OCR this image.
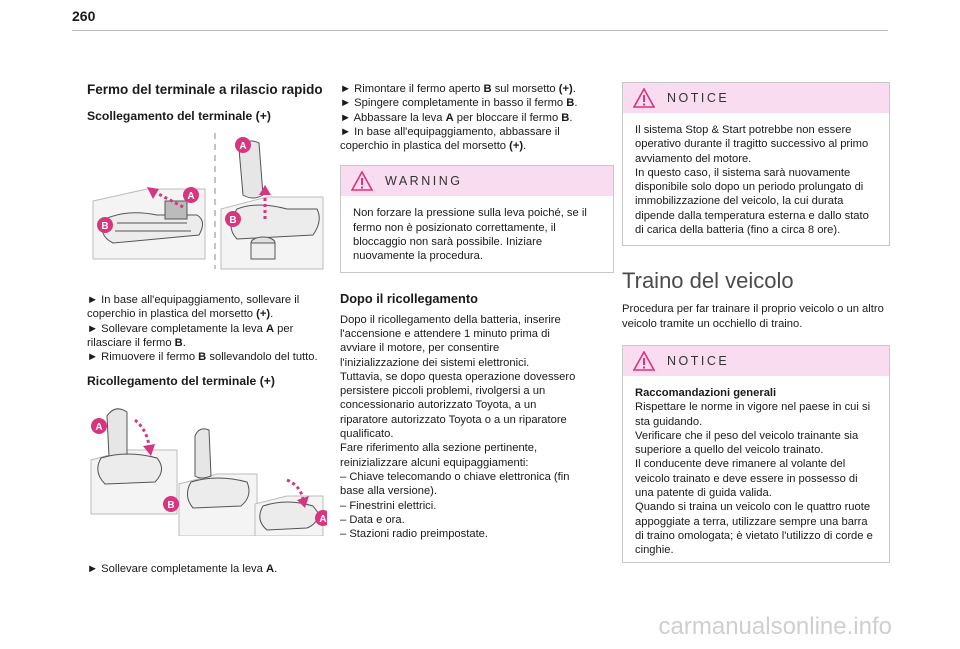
260
Fermo del terminale a rilascio rapido
Scollegamento del terminale (+)
A
B
A
B

► In base all'equipaggiamento, sollevare il coperchio in plastica del morsetto (+).

► Sollevare completamente la leva A per rilasciare il fermo B.

► Rimuovere il fermo B sollevandolo del tutto.

Ricollegamento del terminale (+)
A
B
A

► Sollevare completamente la leva A.

► Rimontare il fermo aperto B sul morsetto (+).

► Spingere completamente in basso il fermo B.

► Abbassare la leva A per bloccare il fermo B.

► In base all'equipaggiamento, abbassare il coperchio in plastica del morsetto (+).

WARNING

Non forzare la pressione sulla leva poiché, se il fermo non è posizionato correttamente, il bloccaggio non sarà possibile. Iniziare nuovamente la procedura.

Dopo il ricollegamento

Dopo il ricollegamento della batteria, inserire l'accensione e attendere 1 minuto prima di avviare il motore, per consentire l'inizializzazione dei sistemi elettronici.

Tuttavia, se dopo questa operazione dovessero persistere piccoli problemi, rivolgersi a un concessionario autorizzato Toyota, a un riparatore autorizzato Toyota o a un riparatore qualificato.

Fare riferimento alla sezione pertinente, reinizializzare alcuni equipaggiamenti:

– Chiave telecomando o chiave elettronica (fin base alla versione).

– Finestrini elettrici.

– Data e ora.

– Stazioni radio preimpostate.

NOTICE

Il sistema Stop & Start potrebbe non essere operativo durante il tragitto successivo al primo avviamento del motore.

In questo caso, il sistema sarà nuovamente disponibile solo dopo un periodo prolungato di immobilizzazione del veicolo, la cui durata dipende dalla temperatura esterna e dallo stato di carica della batteria (fino a circa 8 ore).

Traino del veicolo

Procedura per far trainare il proprio veicolo o un altro veicolo tramite un occhiello di traino.

NOTICE

Raccomandazioni generali

Rispettare le norme in vigore nel paese in cui si sta guidando.

Verificare che il peso del veicolo trainante sia superiore a quello del veicolo trainato.

Il conducente deve rimanere al volante del veicolo trainato e deve essere in possesso di una patente di guida valida.

Quando si traina un veicolo con le quattro ruote appoggiate a terra, utilizzare sempre una barra di traino omologata; è vietato l'utilizzo di corde e cinghie.

carmanualsonline.info
